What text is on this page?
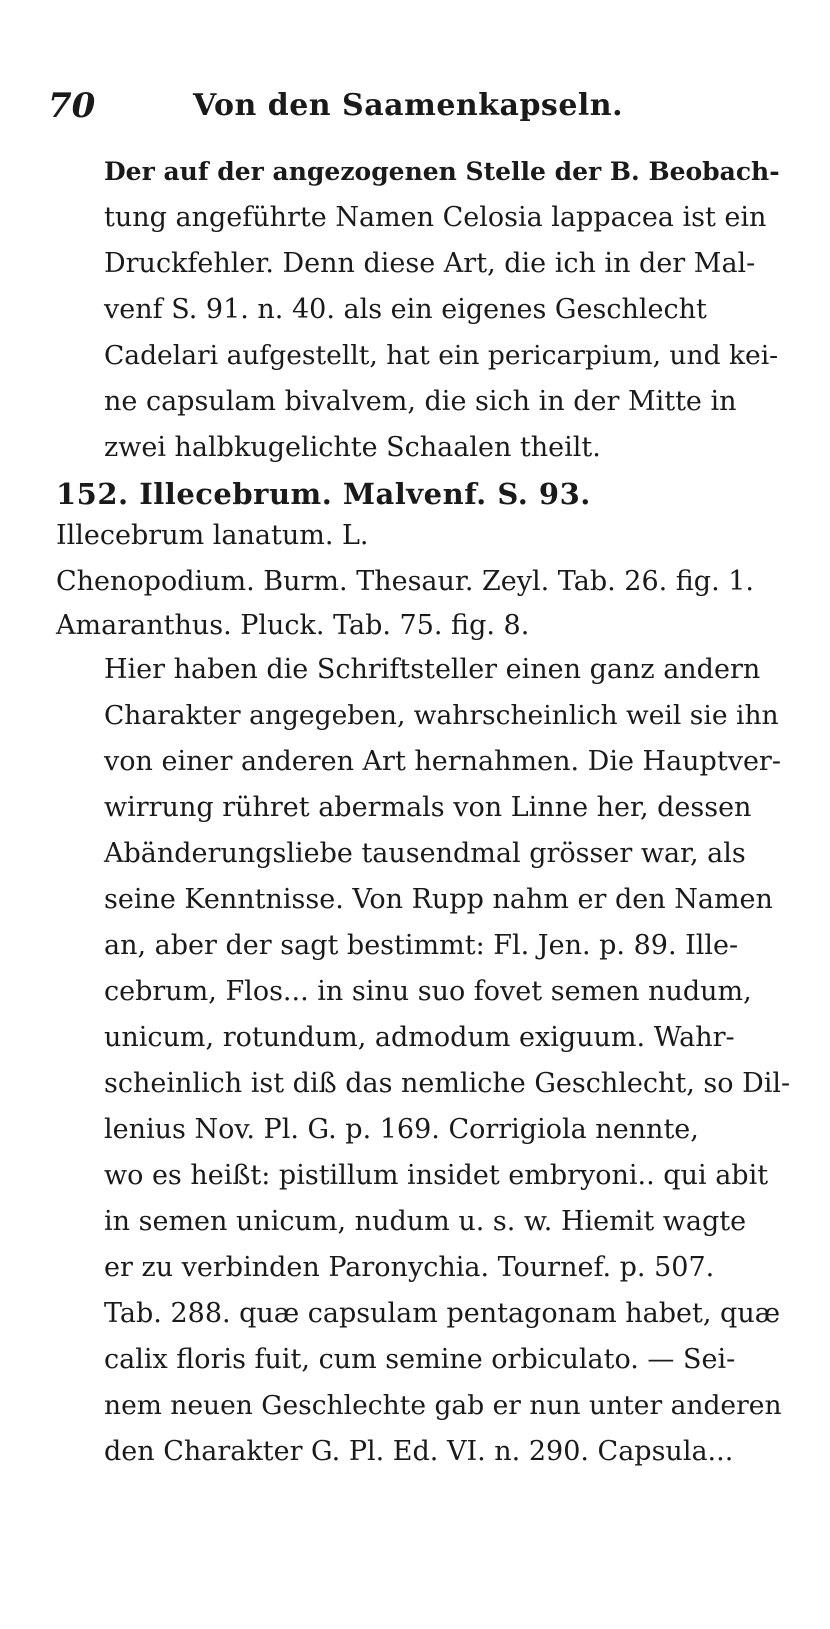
70	Von den Saamenkapseln.
Der auf der angezogenen Stelle der B. Beobach-
tung angeführte Namen Celosia lappacea ist ein
Druckfehler. Denn diese Art, die ich in der Mal-
venf S. 91. n. 40. als ein eigenes Geschlecht
Cadelari aufgestellt, hat ein pericarpium, und kei-
ne capsulam bivalvem, die sich in der Mitte in
zwei halbkugelichte Schaalen theilt.
152. Illecebrum. Malvenf. S. 93.
Illecebrum lanatum. L.
Chenopodium. Burm. Thesaur. Zeyl. Tab. 26. fig. 1.
Amaranthus. Pluck. Tab. 75. fig. 8.
Hier haben die Schriftsteller einen ganz andern
Charakter angegeben, wahrscheinlich weil sie ihn
von einer anderen Art hernahmen. Die Hauptver-
wirrung rühret abermals von Linne her, dessen
Abänderungsliebe tausendmal grösser war, als
seine Kenntnisse. Von Rupp nahm er den Namen
an, aber der sagt bestimmt: Fl. Jen. p. 89. Ille-
cebrum, Flos... in sinu suo fovet semen nudum,
unicum, rotundum, admodum exiguum. Wahr-
scheinlich ist diß das nemliche Geschlecht, so Dil-
lenius Nov. Pl. G. p. 169. Corrigiola nennte,
wo es heißt: pistillum insidet embryoni.. qui abit
in semen unicum, nudum u. s. w. Hiemit wagte
er zu verbinden Paronychia. Tournef. p. 507.
Tab. 288. quæ capsulam pentagonam habet, quæ
calix floris fuit, cum semine orbiculato. — Sei-
nem neuen Geschlechte gab er nun unter anderen
den Charakter G. Pl. Ed. VI. n. 290. Capsula...
